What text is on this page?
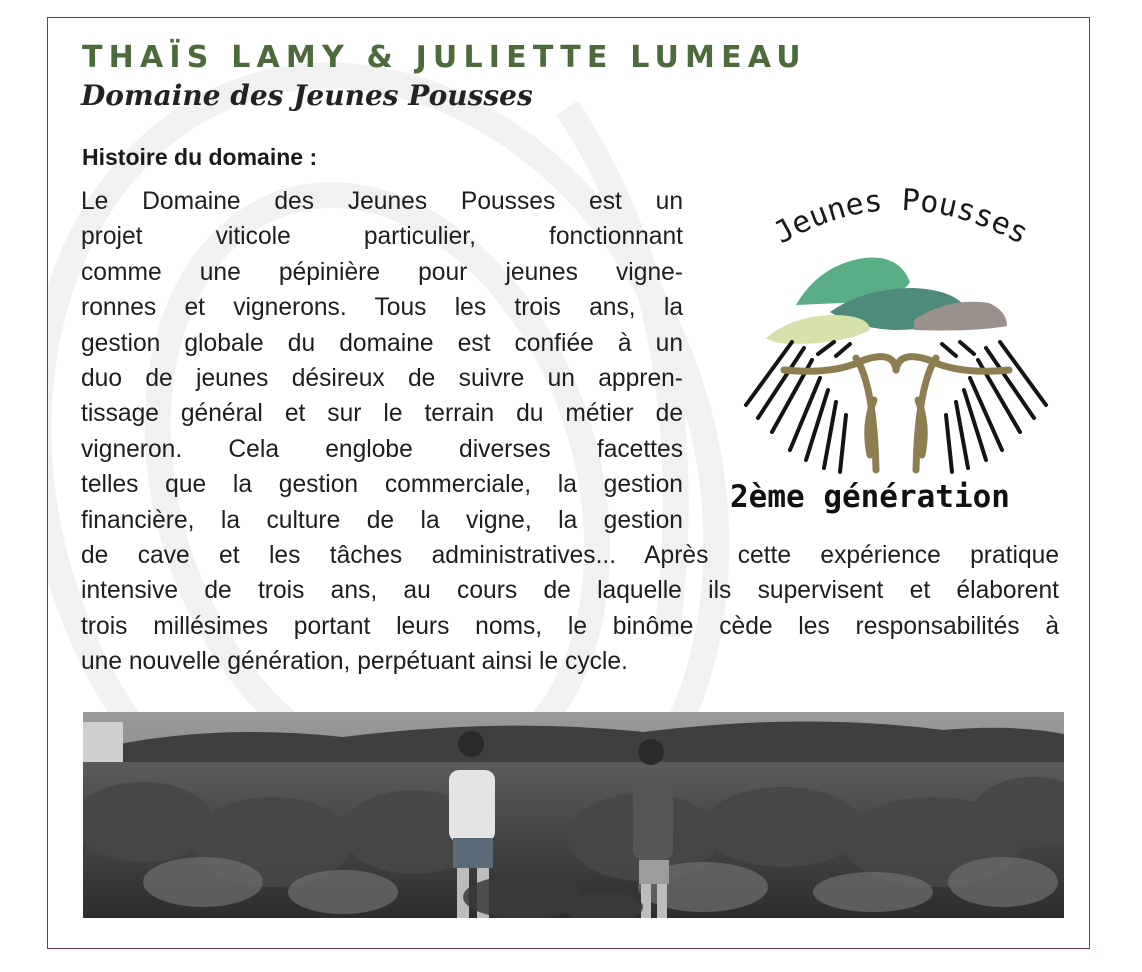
THAÏS LAMY & JULIETTE LUMEAU
Domaine des Jeunes Pousses
Histoire du domaine :
Le Domaine des Jeunes Pousses est un
projet viticole particulier, fonctionnant
comme une pépinière pour jeunes vigne-
ronnes et vignerons. Tous les trois ans, la
gestion globale du domaine est confiée à un
duo de jeunes désireux de suivre un appren-
tissage général et sur le terrain du métier de
vigneron. Cela englobe diverses facettes
telles que la gestion commerciale, la gestion
financière, la culture de la vigne, la gestion
de cave et les tâches administratives... Après cette expérience pratique
intensive de trois ans, au cours de laquelle ils supervisent et élaborent
trois millésimes portant leurs noms, le binôme cède les responsabilités à
une nouvelle génération, perpétuant ainsi le cycle.
Jeunes Pousses

2ème génération
